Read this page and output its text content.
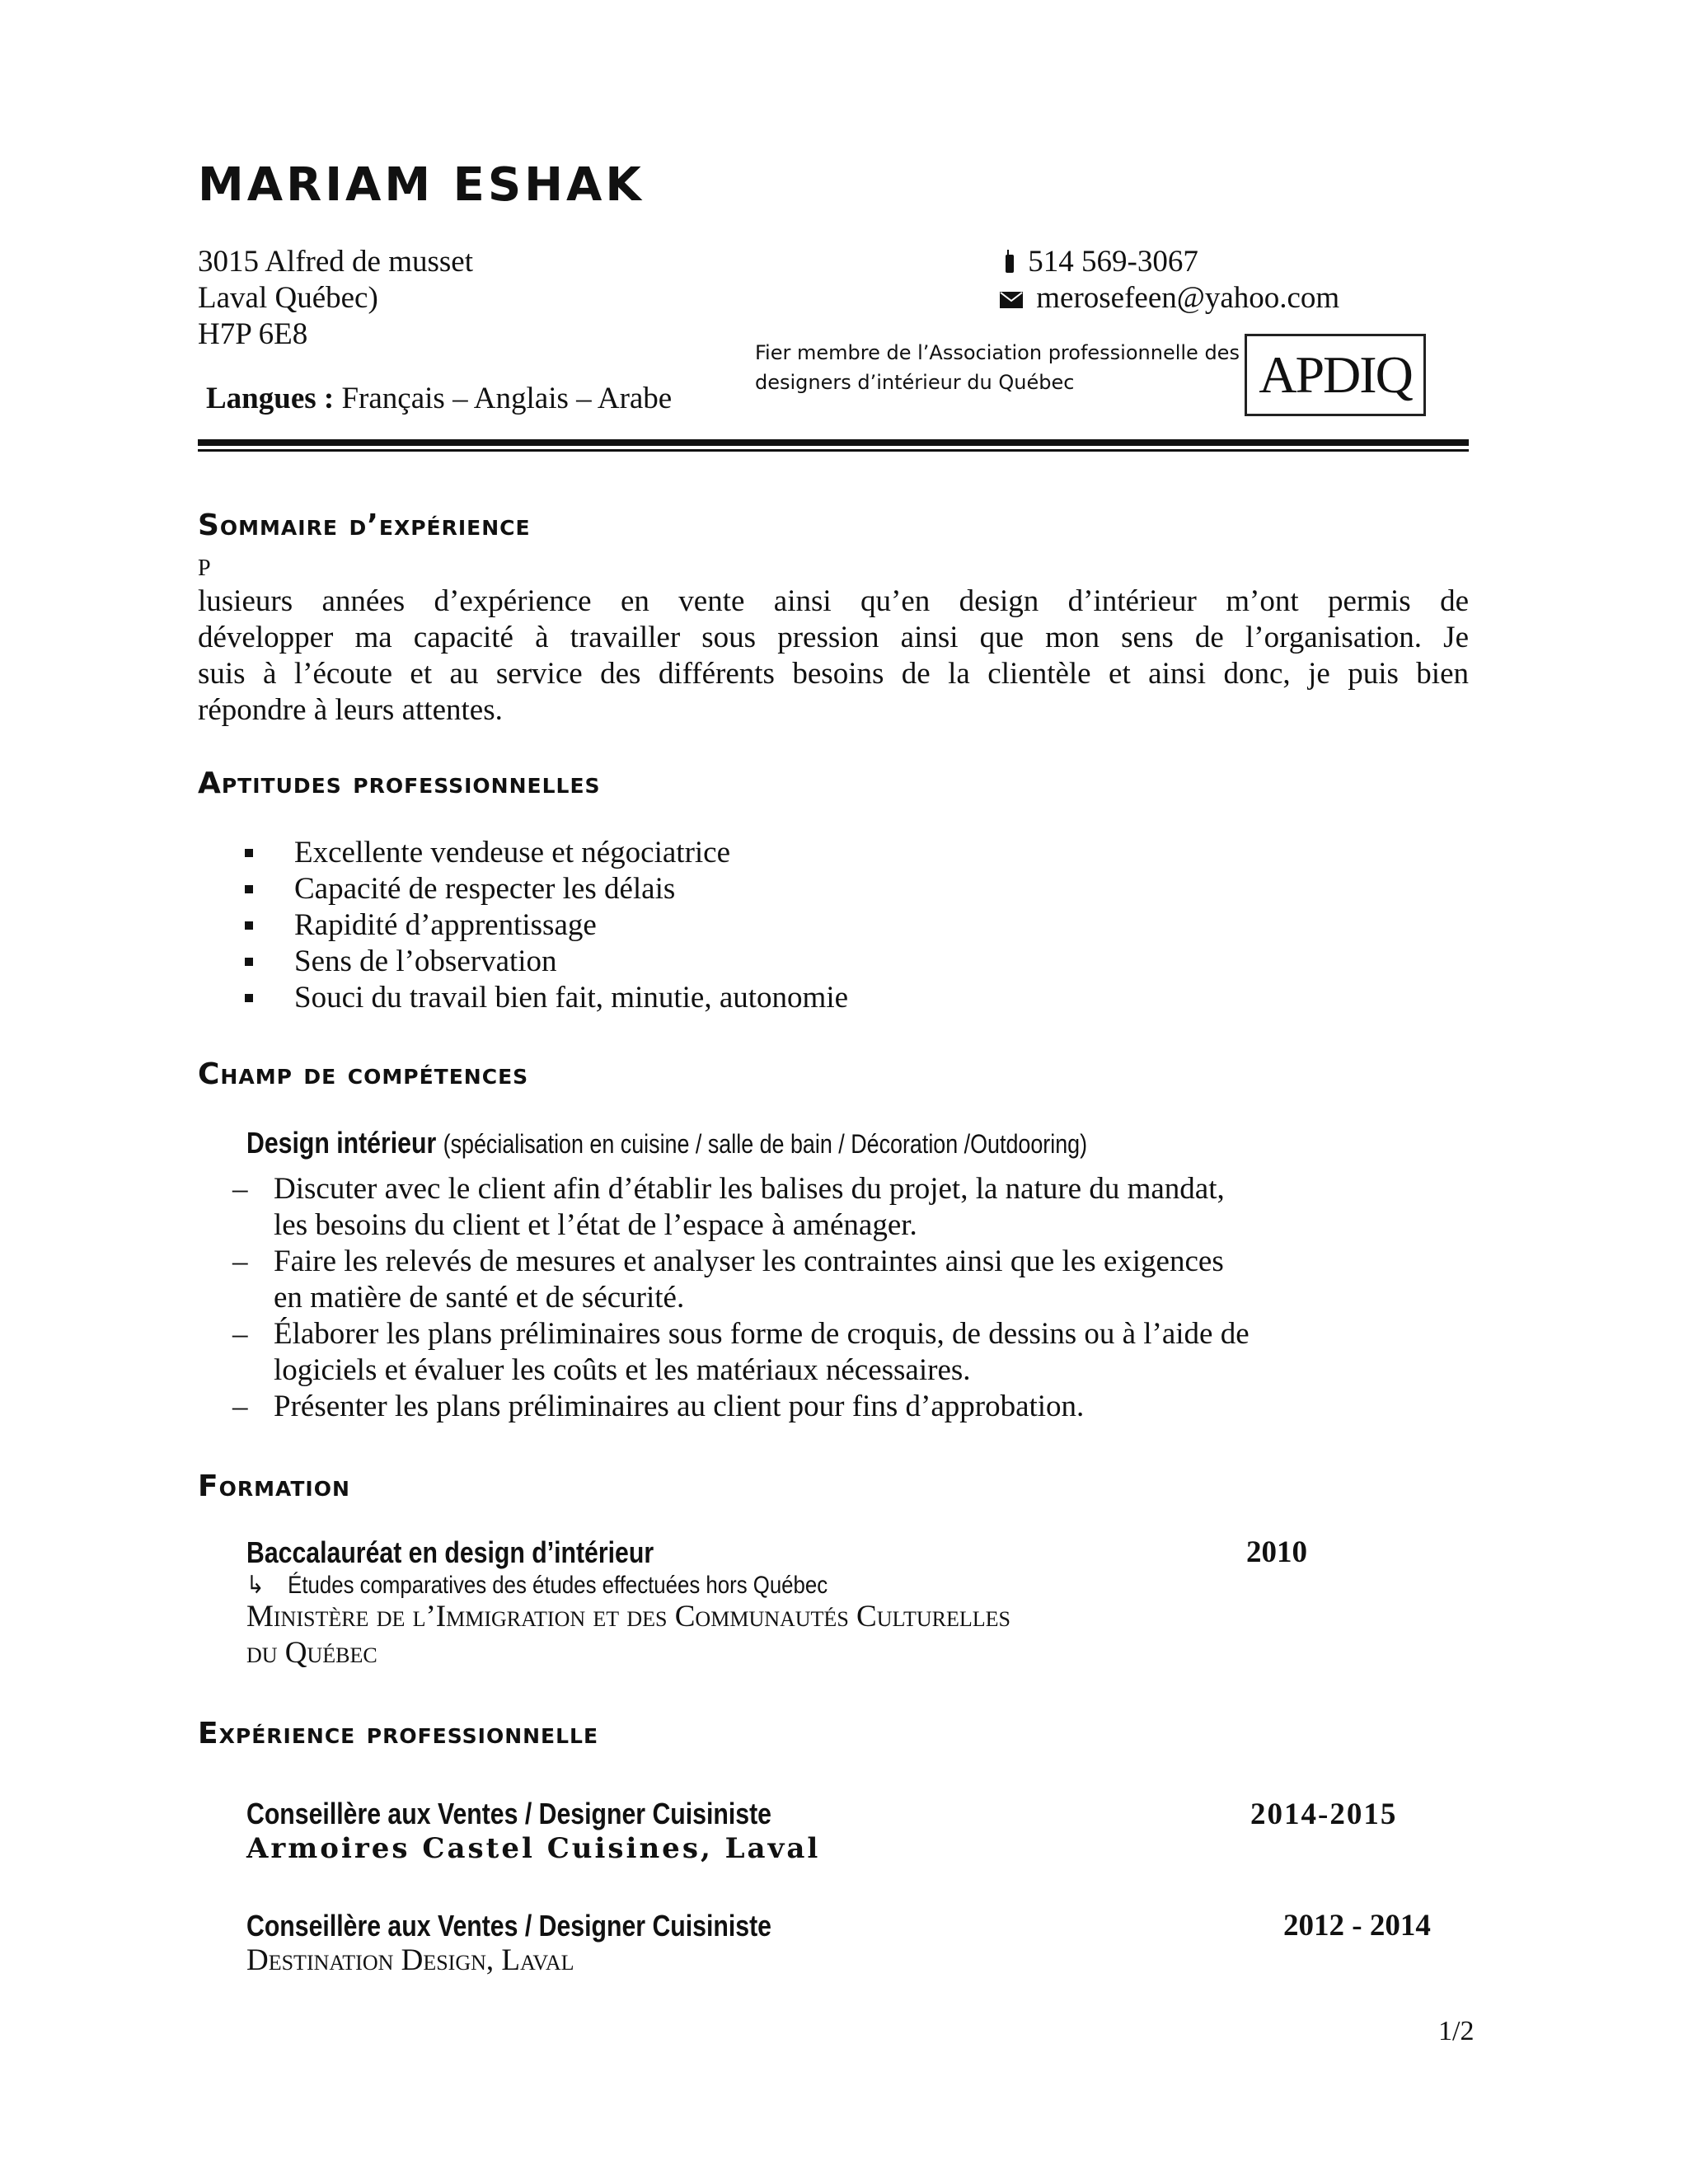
MARIAM ESHAK
3015 Alfred de musset
Laval Québec)
H7P 6E8
Langues : Français – Anglais – Arabe
514 569-3067
merosefeen@yahoo.com
Fier membre de l’Association professionnelle des
designers d’intérieur du Québec	APDIQ
Sommaire d’expérience
P
lusieurs années d’expérience en vente ainsi qu’en design d’intérieur m’ont permis de
développer ma capacité à travailler sous pression ainsi que mon sens de l’organisation. Je
suis à l’écoute et au service des différents besoins de la clientèle et ainsi donc, je puis bien
répondre à leurs attentes.
Aptitudes professionnelles
Excellente vendeuse et négociatrice
Capacité de respecter les délais
Rapidité d’apprentissage
Sens de l’observation
Souci du travail bien fait, minutie, autonomie
Champ de compétences
Design intérieur (spécialisation en cuisine / salle de bain / Décoration /Outdooring)
– Discuter avec le client afin d’établir les balises du projet, la nature du mandat,
les besoins du client et l’état de l’espace à aménager.
– Faire les relevés de mesures et analyser les contraintes ainsi que les exigences
en matière de santé et de sécurité.
– Élaborer les plans préliminaires sous forme de croquis, de dessins ou à l’aide de
logiciels et évaluer les coûts et les matériaux nécessaires.
– Présenter les plans préliminaires au client pour fins d’approbation.
Formation
Baccalauréat en design d’intérieur	2010
↳ Études comparatives des études effectuées hors Québec
Ministère de l’Immigration et des Communautés Culturelles
du Québec
Expérience professionnelle
Conseillère aux Ventes / Designer Cuisiniste	2014-2015
Armoires Castel Cuisines, Laval
Conseillère aux Ventes / Designer Cuisiniste	2012 - 2014
Destination Design, Laval
1/2
